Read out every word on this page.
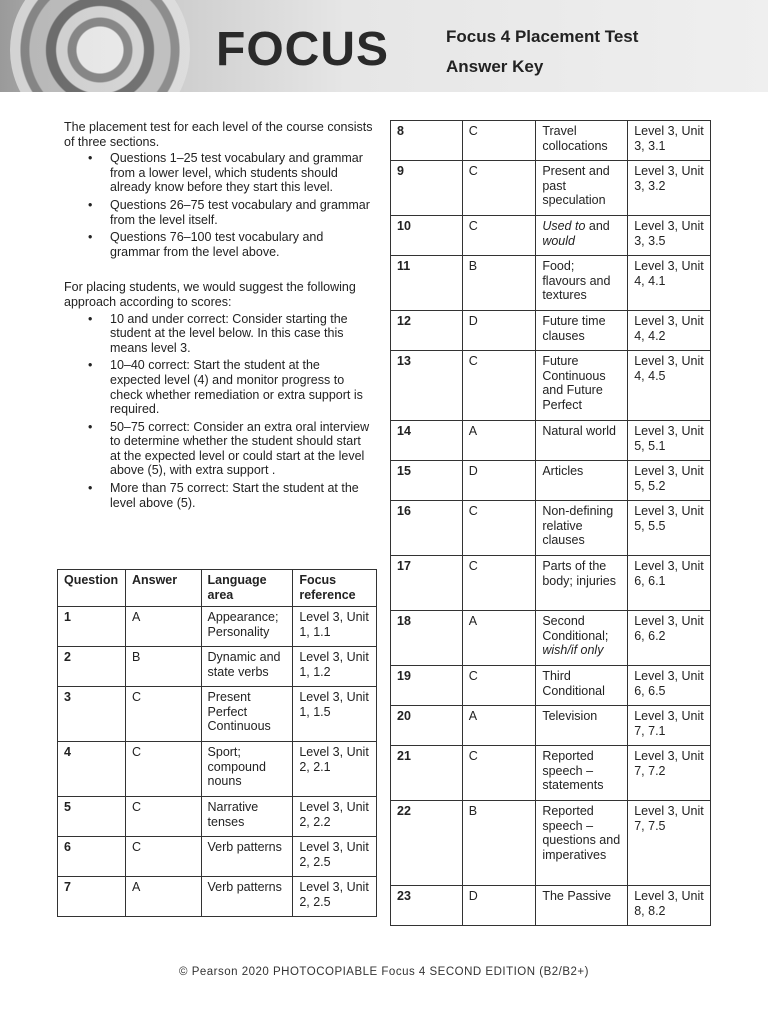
FOCUS	Focus 4 Placement Test
Answer Key

The placement test for each level of the course consists of three sections.

• Questions 1–25 test vocabulary and grammar from a lower level, which students should already know before they start this level.
• Questions 26–75 test vocabulary and grammar from the level itself.
• Questions 76–100 test vocabulary and grammar from the level above.

For placing students, we would suggest the following approach according to scores:

• 10 and under correct: Consider starting the student at the level below. In this case this means level 3.
• 10–40 correct: Start the student at the expected level (4) and monitor progress to check whether remediation or extra support is required.
• 50–75 correct: Consider an extra oral interview to determine whether the student should start at the expected level or could start at the level above (5), with extra support .
• More than 75 correct: Start the student at the level above (5).
Question	Answer	Language area	Focus reference
1	A	Appearance; Personality	Level 3, Unit 1, 1.1
2	B	Dynamic and state verbs	Level 3, Unit 1, 1.2
3	C	Present Perfect Continuous	Level 3, Unit 1, 1.5
4	C	Sport; compound nouns	Level 3, Unit 2, 2.1
5	C	Narrative tenses	Level 3, Unit 2, 2.2
6	C	Verb patterns	Level 3, Unit 2, 2.5
7	A	Verb patterns	Level 3, Unit 2, 2.5
8	C	Travel collocations	Level 3, Unit 3, 3.1
9	C	Present and past speculation	Level 3, Unit 3, 3.2
10	C	Used to and
would	Level 3, Unit 3, 3.5
11	B	Food; flavours and textures	Level 3, Unit 4, 4.1
12	D	Future time clauses	Level 3, Unit 4, 4.2
13	C	Future Continuous and Future Perfect	Level 3, Unit 4, 4.5
14	A	Natural world	Level 3, Unit 5, 5.1
15	D	Articles	Level 3, Unit 5, 5.2
16	C	Non-defining relative clauses	Level 3, Unit 5, 5.5
17	C	Parts of the body; injuries	Level 3, Unit 6, 6.1
18	A	Second Conditional;
wish/if only	Level 3, Unit 6, 6.2
19	C	Third Conditional	Level 3, Unit 6, 6.5
20	A	Television	Level 3, Unit 7, 7.1
21	C	Reported speech – statements	Level 3, Unit 7, 7.2
22	B	Reported speech – questions and imperatives	Level 3, Unit 7, 7.5
23	D	The Passive	Level 3, Unit 8, 8.2
© Pearson 2020 PHOTOCOPIABLE Focus 4 SECOND EDITION (B2/B2+)
